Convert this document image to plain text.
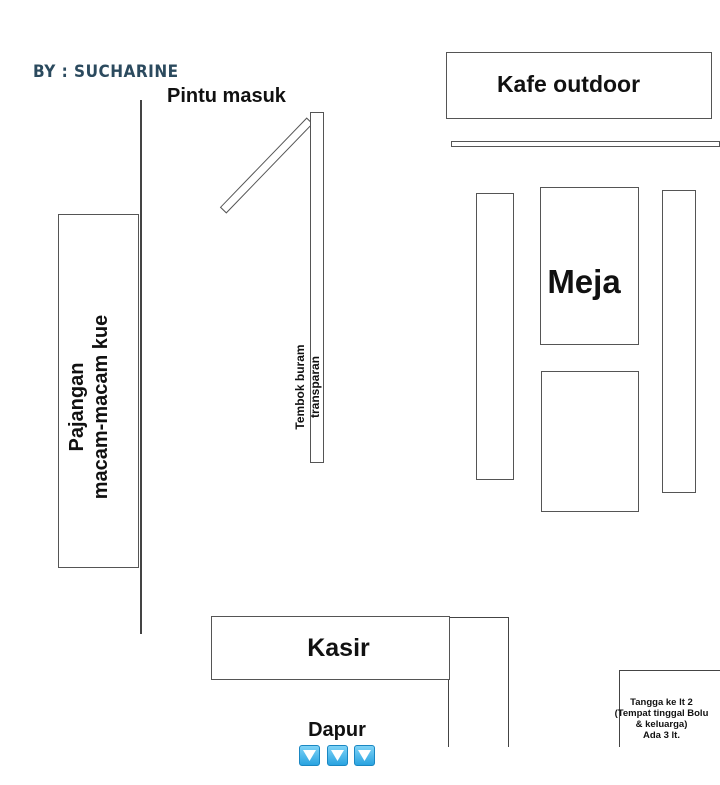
BY : SUCHARINE
Pintu masuk
Pajangan macam-macam kue	Tembok buram transparan
Kafe outdoor
Meja
Kasir
Dapur
Tangga ke lt 2
(Tempat tinggal Bolu
& keluarga)
Ada 3 lt.
